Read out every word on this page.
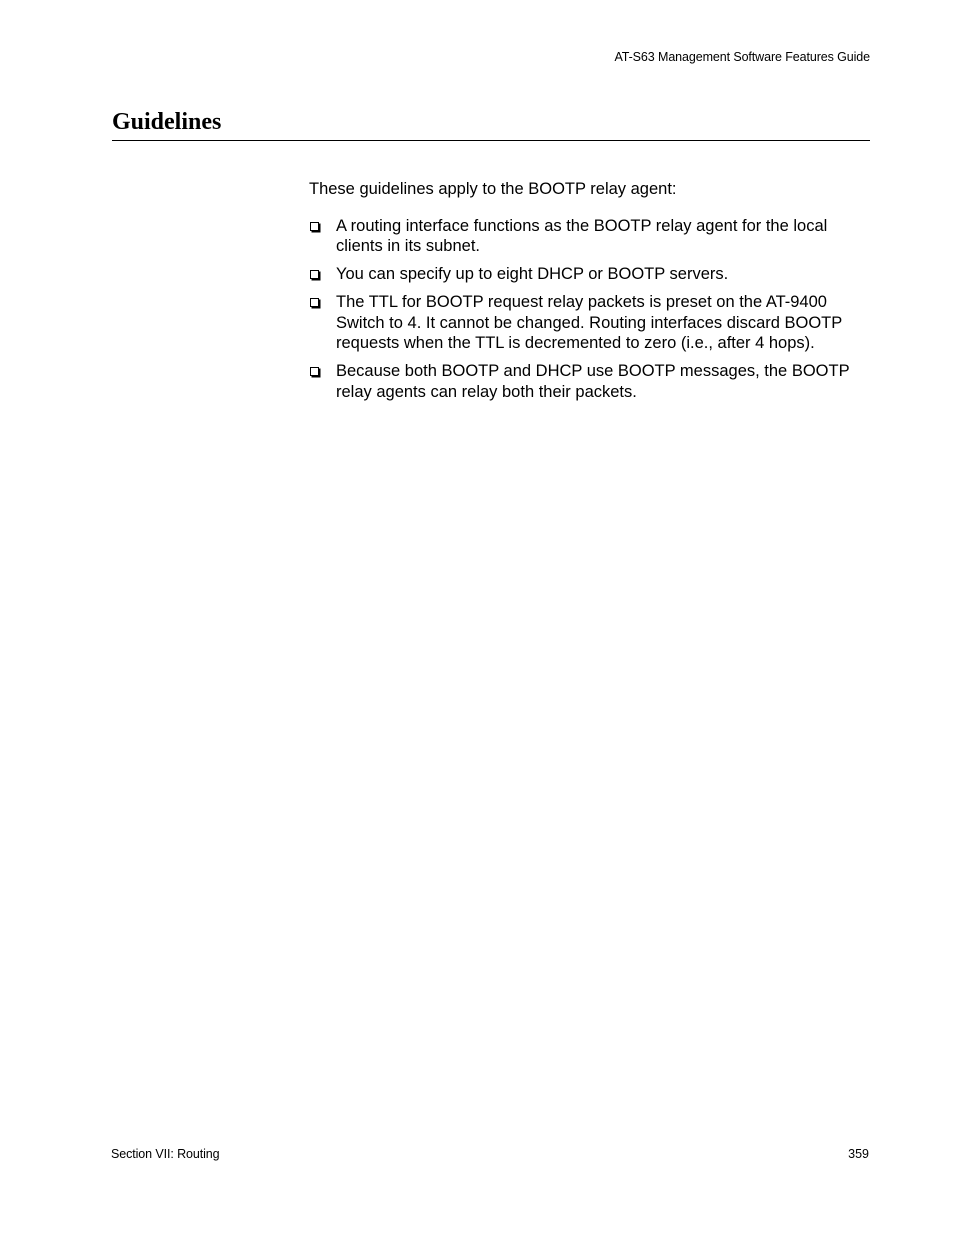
AT-S63 Management Software Features Guide
Guidelines

These guidelines apply to the BOOTP relay agent:

A routing interface functions as the BOOTP relay agent for the local clients in its subnet.
You can specify up to eight DHCP or BOOTP servers.
The TTL for BOOTP request relay packets is preset on the AT-9400 Switch to 4. It cannot be changed. Routing interfaces discard BOOTP requests when the TTL is decremented to zero (i.e., after 4 hops).
Because both BOOTP and DHCP use BOOTP messages, the BOOTP relay agents can relay both their packets.
Section VII: Routing	359
